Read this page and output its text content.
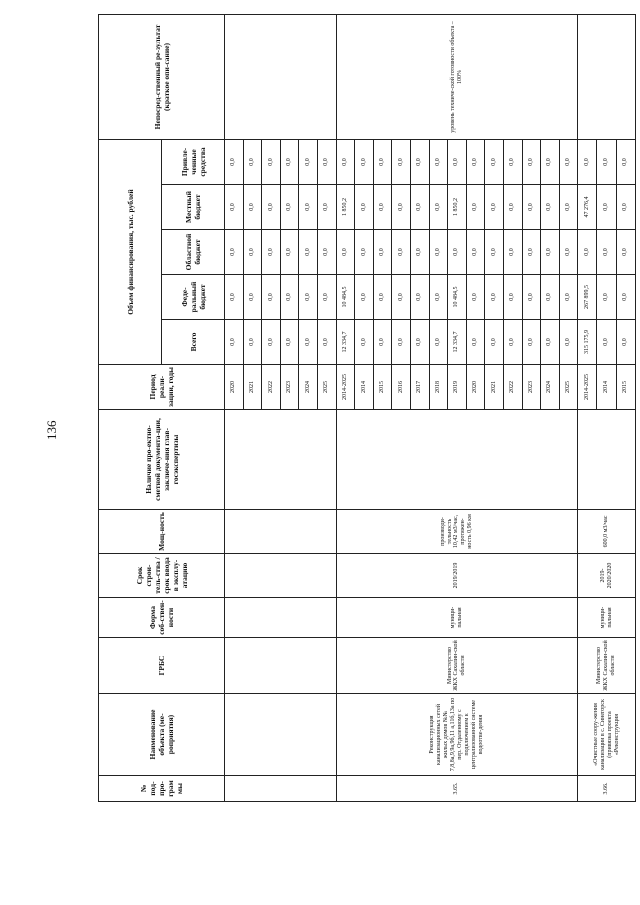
136
№ под-про-грам мы	Наименование объекта (ме-роприятия)	ГРБС	Форма соб-ствен-ности	Срок строи-тель-ства / срок ввода в эксплу-атацию	Мощ-ность	Наличие про-ектно-сметной документа-ции, заключе-ния глав-госэкспертизы	Период реали-зации, годы	Объем финансирования, тыс. рублей					Непосред-ственный ре-зультат (краткое опи-сание)
								Всего	Феде-ральный бюджет	Областной бюджет	Местный бюджет	Привле-ченные средства	
							2020	0,0	0,0	0,0	0,0	0,0	
							2021	0,0	0,0	0,0	0,0	0,0	
							2022	0,0	0,0	0,0	0,0	0,0	
							2023	0,0	0,0	0,0	0,0	0,0	
							2024	0,0	0,0	0,0	0,0	0,0	
							2025	0,0	0,0	0,0	0,0	0,0	
3.65.	Реконструкция канализационных сетей жилых домов №№ 7,8,8а,9,9а,9б,11 а,11б,13а по пер. Отдаленному с подключением к централизованной системе водоотве-дения	Министерство ЖКХ Сахалин-ской области	муници-пальная	2019/2019	производи-тельность 10,42 м3/час, протяжен-ность 0,96 км		2014-2025	12 334,7	10 484,5	0,0	1 850,2	0,0	уровень техниче-ской готовности объекта – 100%
							2014	0,0	0,0	0,0	0,0	0,0	
							2015	0,0	0,0	0,0	0,0	0,0	
							2016	0,0	0,0	0,0	0,0	0,0	
							2017	0,0	0,0	0,0	0,0	0,0	
							2018	0,0	0,0	0,0	0,0	0,0	
							2019	12 334,7	10 484,5	0,0	1 850,2	0,0	
							2020	0,0	0,0	0,0	0,0	0,0	
							2021	0,0	0,0	0,0	0,0	0,0	
							2022	0,0	0,0	0,0	0,0	0,0	
							2023	0,0	0,0	0,0	0,0	0,0	
							2024	0,0	0,0	0,0	0,0	0,0	
							2025	0,0	0,0	0,0	0,0	0,0	
3.66.	«Очистные соору-жения канализации в с. Синегорск (привязка проекта «Реконструкция	Министерство ЖКХ Сахалин-ской области	муници-пальная	2019-2020/2020	600,0 м3/час		2014-2025	315 175,9	267 899,5	0,0	47 276,4	0,0	
							2014	0,0	0,0	0,0	0,0	0,0	
							2015	0,0	0,0	0,0	0,0	0,0	
